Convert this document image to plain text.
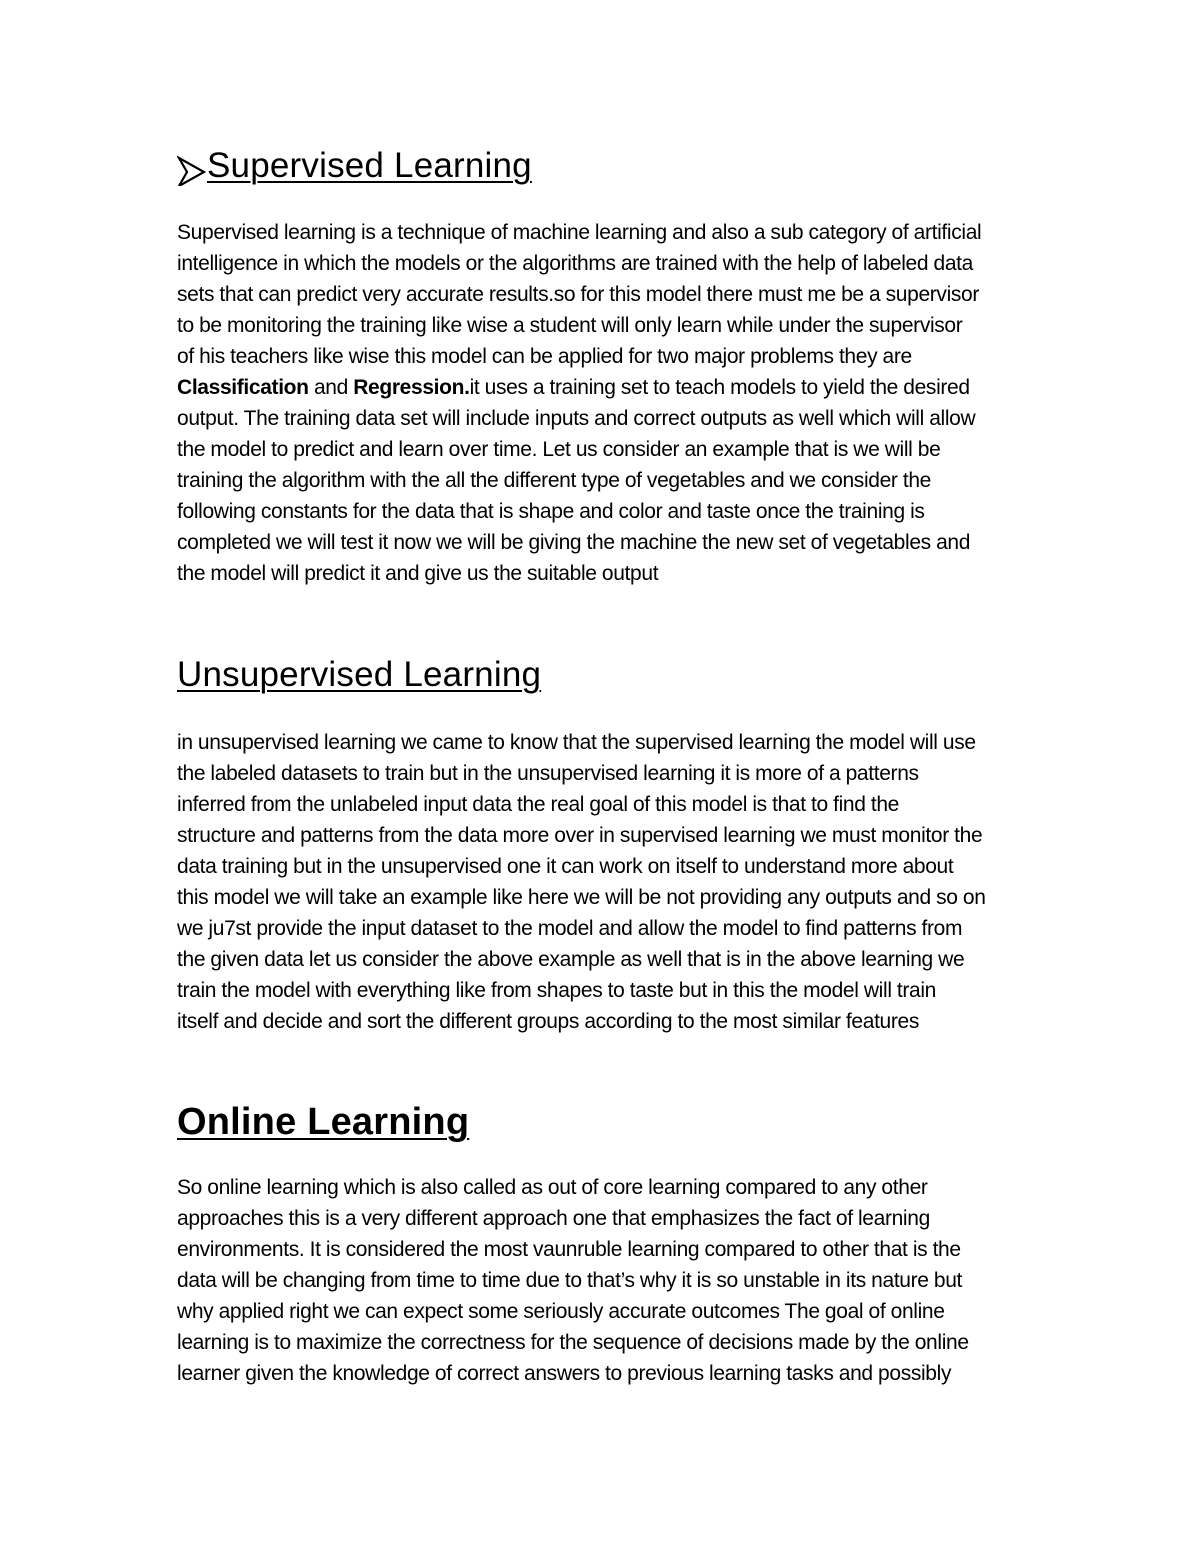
Supervised Learning
Supervised learning is a technique of machine learning and also a sub category of artificial
intelligence in which the models or the algorithms are trained with the help of labeled data
sets that can predict very accurate results.so for this model there must me be a supervisor
to be monitoring the training like wise a student will only learn while under the supervisor
of his teachers like wise this model can be applied for two major problems they are
Classification and Regression.it uses a training set to teach models to yield the desired
output. The training data set will include inputs and correct outputs as well which will allow
the model to predict and learn over time. Let us consider an example that is we will be
training the algorithm with the all the different type of vegetables and we consider the
following constants for the data that is shape and color and taste once the training is
completed we will test it now we will be giving the machine the new set of vegetables and
the model will predict it and give us the suitable output
Unsupervised Learning
in unsupervised learning we came to know that the supervised learning the model will use
the labeled datasets to train but in the unsupervised learning it is more of a patterns
inferred from the unlabeled input data the real goal of this model is that to find the
structure and patterns from the data more over in supervised learning we must monitor the
data training but in the unsupervised one it can work on itself to understand more about
this model we will take an example like here we will be not providing any outputs and so on
we ju7st provide the input dataset to the model and allow the model to find patterns from
the given data let us consider the above example as well that is in the above learning we
train the model with everything like from shapes to taste but in this the model will train
itself and decide and sort the different groups according to the most similar features
Online Learning
So online learning which is also called as out of core learning compared to any other
approaches this is a very different approach one that emphasizes the fact of learning
environments. It is considered the most vaunruble learning compared to other that is the
data will be changing from time to time due to that’s why it is so unstable in its nature but
why applied right we can expect some seriously accurate outcomes The goal of online
learning is to maximize the correctness for the sequence of decisions made by the online
learner given the knowledge of correct answers to previous learning tasks and possibly
